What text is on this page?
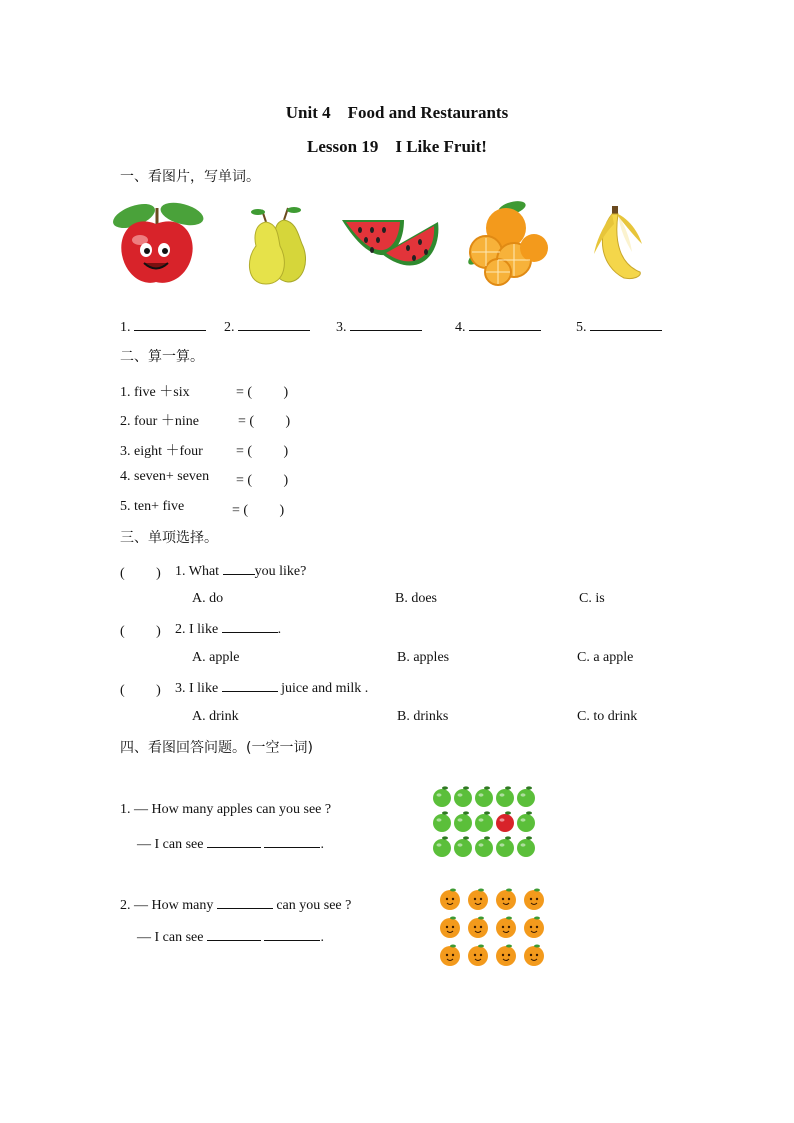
Unit 4　Food and Restaurants
Lesson 19　I Like Fruit!
一、看图片，写单词。
1.	2.	3.	4.	5.
二、算一算。
1. five ＋six	= (　　 )
2. four ＋nine	= (　　 )
3. eight ＋four = (　　 )
4. seven+ seven = (　　 )
5. ten+ five	= (　　 )
三、单项选择。
(　　 ) 1. What you like?
A. do	B. does	C. is
(　　 ) 2. I like	.
A. apple	B. apples	C. a apple
(　　 ) 3. I like	juice and milk .
A. drink	B. drinks	C. to drink
四、看图回答问题。(一空一词)
1. — How many apples can you see ?
— I can see	.
2. — How many	can you see ?
— I can see	.
